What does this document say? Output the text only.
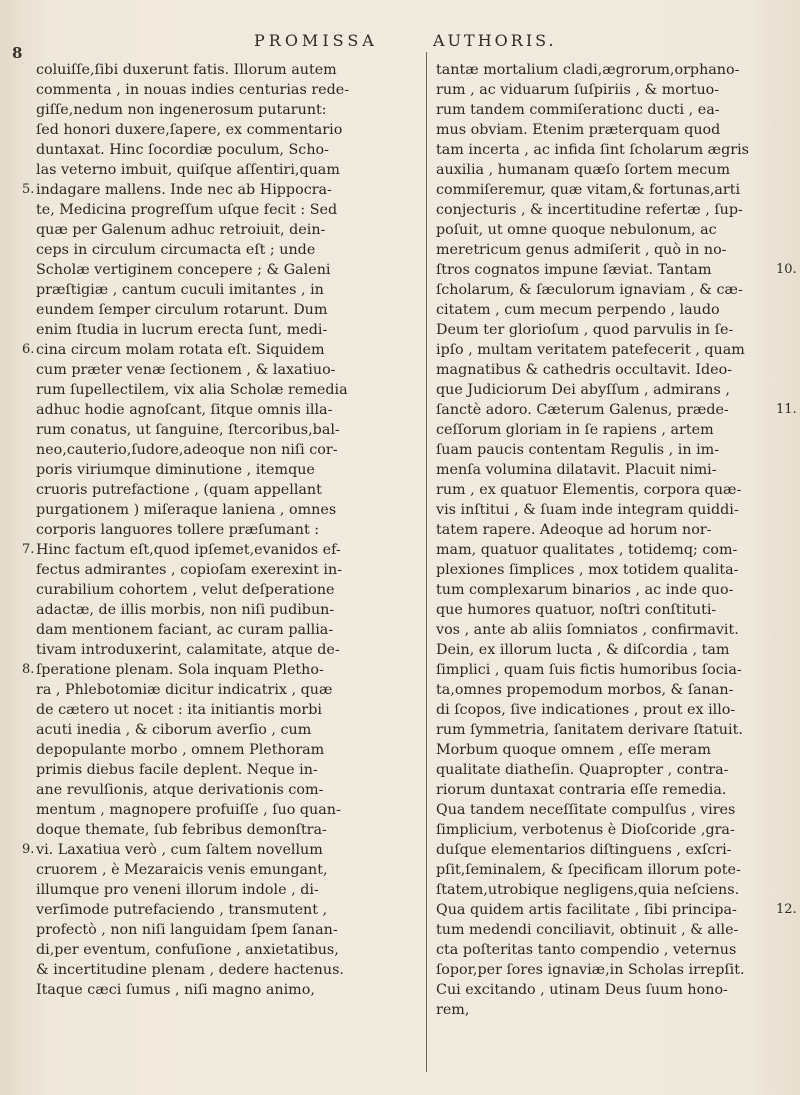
8
PROMISSA	AUTHORIS.
coluiſſe,ſibi duxerunt fatis. Illorum autem
commenta , in nouas indies centurias rede-
giſſe,nedum non ingenerosum putarunt:
ſed honori duxere,ſapere, ex commentario
duntaxat. Hinc ſocordiæ poculum, Scho-
las veterno imbuit, quiſque aſſentiri,quam
indagare mallens. Inde nec ab Hippocra-
te, Medicina progreſſum uſque fecit : Sed
quæ per Galenum adhuc retroiuit, dein-
ceps in circulum circumacta eſt ; unde
Scholæ vertiginem concepere ; & Galeni
præſtigiæ , cantum cuculi imitantes , in
eundem ſemper circulum rotarunt. Dum
enim ſtudia in lucrum erecta ſunt, medi-
cina circum molam rotata eſt. Siquidem
cum præter venæ ſectionem , & laxatiuo-
rum ſupellectilem, vix alia Scholæ remedia
adhuc hodie agnoſcant, ſitque omnis illa-
rum conatus, ut ſanguine, ſtercoribus,bal-
neo,cauterio,ſudore,adeoque non niſi cor-
poris viriumque diminutione , itemque
cruoris putrefactione , (quam appellant
purgationem ) miſeraque laniena , omnes
corporis languores tollere præſumant :
Hinc factum eſt,quod ipſemet,evanidos ef-
fectus admirantes , copioſam exerexint in-
curabilium cohortem , velut deſperatione
adactæ, de illis morbis, non niſi pudibun-
dam mentionem faciant, ac curam pallia-
tivam introduxerint, calamitate, atque de-
ſperatione plenam. Sola inquam Pletho-
ra , Phlebotomiæ dicitur indicatrix , quæ
de cætero ut nocet : ita initiantis morbi
acuti inedia , & ciborum averſio , cum
depopulante morbo , omnem Plethoram
primis diebus facile deplent. Neque in-
ane revulſionis, atque derivationis com-
mentum , magnopere profuiſſe , ſuo quan-
doque themate, ſub febribus demonſtra-
vi. Laxatiua verò , cum ſaltem novellum
cruorem , è Mezaraicis venis emungant,
illumque pro veneni illorum indole , di-
verſimode putrefaciendo , transmutent ,
profectò , non niſi languidam ſpem ſanan-
di,per eventum, confuſione , anxietatibus,
& incertitudine plenam , dedere hactenus.
Itaque cæci ſumus , niſi magno animo,
tantæ mortalium cladi,ægrorum,orphano-
rum , ac viduarum ſuſpiriis , & mortuo-
rum tandem commiſerationc ducti , ea-
mus obviam. Etenim præterquam quod
tam incerta , ac infida ſint ſcholarum ægris
auxilia , humanam quæſo ſortem mecum
commiſeremur, quæ vitam,& fortunas,arti
conjecturis , & incertitudine refertæ , ſup-
poſuit, ut omne quoque nebulonum, ac
meretricum genus admiſerit , quò in no-
ſtros cognatos impune ſæviat. Tantam
ſcholarum, & ſæculorum ignaviam , & cæ-
citatem , cum mecum perpendo , laudo
Deum ter glorioſum , quod parvulis in ſe-
ipſo , multam veritatem patefecerit , quam
magnatibus & cathedris occultavit. Ideo-
que Judiciorum Dei abyſſum , admirans ,
ſanctè adoro. Cæterum Galenus, præde-
ceſſorum gloriam in ſe rapiens , artem
ſuam paucis contentam Regulis , in im-
menſa volumina dilatavit. Placuit nimi-
rum , ex quatuor Elementis, corpora quæ-
vis inſtitui , & ſuam inde integram quiddi-
tatem rapere. Adeoque ad horum nor-
mam, quatuor qualitates , totidemq; com-
plexiones ſimplices , mox totidem qualita-
tum complexarum binarios , ac inde quo-
que humores quatuor, noſtri conſtituti-
vos , ante ab aliis ſomniatos , confirmavit.
Dein, ex illorum lucta , & diſcordia , tam
ſimplici , quam ſuis fictis humoribus ſocia-
ta,omnes propemodum morbos, & ſanan-
di ſcopos, ſive indicationes , prout ex illo-
rum ſymmetria, ſanitatem derivare ſtatuit.
Morbum quoque omnem , eſſe meram
qualitate diatheſin. Quapropter , contra-
riorum duntaxat contraria eſſe remedia.
Qua tandem neceſſitate compulſus , vires
ſimplicium, verbotenus è Dioſcoride ,gra-
duſque elementarios diſtinguens , exſcri-
pſit,ſeminalem, & ſpecificam illorum pote-
ſtatem,utrobique negligens,quia neſciens.
Qua quidem artis facilitate , ſibi principa-
tum medendi conciliavit, obtinuit , & alle-
cta poſteritas tanto compendio , veternus
ſopor,per ſores ignaviæ,in Scholas irrepſit.
Cui excitando , utinam Deus ſuum hono-
rem,
5.
6.
7.
8.
9.
10.
11.
12.
